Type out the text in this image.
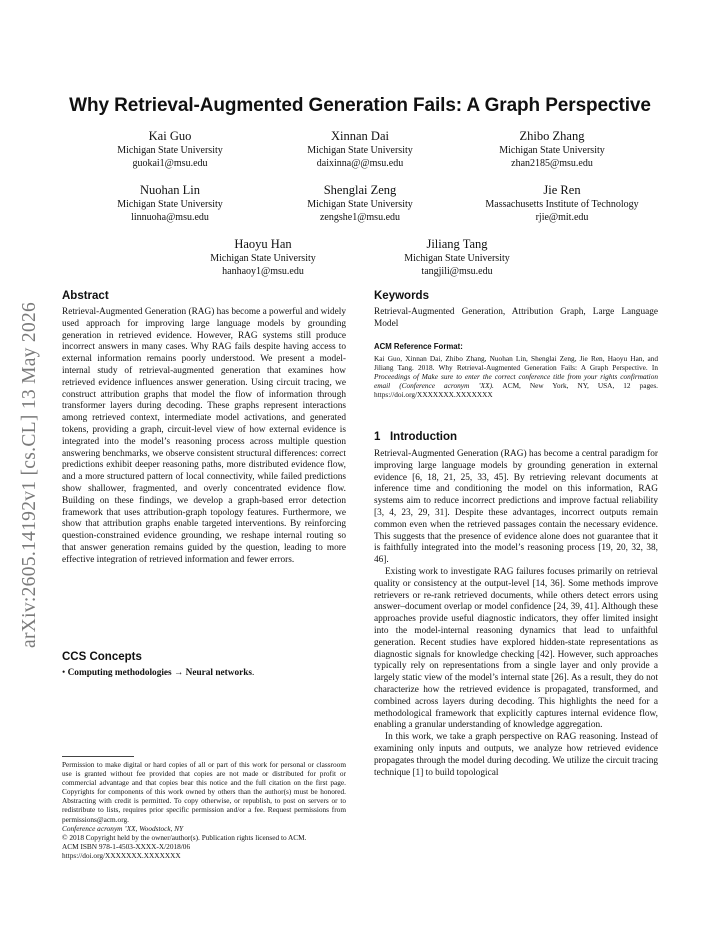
Why Retrieval-Augmented Generation Fails: A Graph Perspective
Kai Guo
Michigan State University
guokai1@msu.edu
Xinnan Dai
Michigan State University
daixinna@@msu.edu
Zhibo Zhang
Michigan State University
zhan2185@msu.edu
Nuohan Lin
Michigan State University
linnuoha@msu.edu
Shenglai Zeng
Michigan State University
zengshe1@msu.edu
Jie Ren
Massachusetts Institute of Technology
rjie@mit.edu
Haoyu Han
Michigan State University
hanhaoy1@msu.edu
Jiliang Tang
Michigan State University
tangjili@msu.edu
arXiv:2605.14192v1 [cs.CL] 13 May 2026
Abstract

Retrieval-Augmented Generation (RAG) has become a powerful and widely used approach for improving large language models by grounding generation in retrieved evidence. However, RAG systems still produce incorrect answers in many cases. Why RAG fails despite having access to external information remains poorly understood. We present a model-internal study of retrieval-augmented generation that examines how retrieved evidence influences answer generation. Using circuit tracing, we construct attribution graphs that model the flow of information through transformer layers during decoding. These graphs represent interactions among retrieved context, intermediate model activations, and generated tokens, providing a graph, circuit-level view of how external evidence is integrated into the model’s reasoning process across multiple question answering benchmarks, we observe consistent structural differences: correct predictions exhibit deeper reasoning paths, more distributed evidence flow, and a more structured pattern of local connectivity, while failed predictions show shallower, fragmented, and overly concentrated evidence flow. Building on these findings, we develop a graph-based error detection framework that uses attribution-graph topology features. Furthermore, we show that attribution graphs enable targeted interventions. By reinforcing question-constrained evidence grounding, we reshape internal routing so that answer generation remains guided by the question, leading to more effective integration of retrieved information and fewer errors.

CCS Concepts
• Computing methodologies → Neural networks.

Permission to make digital or hard copies of all or part of this work for personal or classroom use is granted without fee provided that copies are not made or distributed for profit or commercial advantage and that copies bear this notice and the full citation on the first page. Copyrights for components of this work owned by others than the author(s) must be honored. Abstracting with credit is permitted. To copy otherwise, or republish, to post on servers or to redistribute to lists, requires prior specific permission and/or a fee. Request permissions from permissions@acm.org.

Conference acronym ’XX, Woodstock, NY

© 2018 Copyright held by the owner/author(s). Publication rights licensed to ACM.

ACM ISBN 978-1-4503-XXXX-X/2018/06

https://doi.org/XXXXXXX.XXXXXXX

Keywords
Retrieval-Augmented Generation, Attribution Graph, Large Language Model
ACM Reference Format:

Kai Guo, Xinnan Dai, Zhibo Zhang, Nuohan Lin, Shenglai Zeng, Jie Ren, Haoyu Han, and Jiliang Tang. 2018. Why Retrieval-Augmented Generation Fails: A Graph Perspective. In Proceedings of Make sure to enter the correct conference title from your rights confirmation email (Conference acronym ’XX). ACM, New York, NY, USA, 12 pages. https://doi.org/XXXXXXX.XXXXXXX

1   Introduction

Retrieval-Augmented Generation (RAG) has become a central paradigm for improving large language models by grounding generation in external evidence [6, 18, 21, 25, 33, 45]. By retrieving relevant documents at inference time and conditioning the model on this information, RAG systems aim to reduce incorrect predictions and improve factual reliability [3, 4, 23, 29, 31]. Despite these advantages, incorrect outputs remain common even when the retrieved passages contain the necessary evidence. This suggests that the presence of evidence alone does not guarantee that it is faithfully integrated into the model’s reasoning process [19, 20, 32, 38, 46].

Existing work to investigate RAG failures focuses primarily on retrieval quality or consistency at the output-level [14, 36]. Some methods improve retrievers or re-rank retrieved documents, while others detect errors using answer–document overlap or model confidence [24, 39, 41]. Although these approaches provide useful diagnostic indicators, they offer limited insight into the model-internal reasoning dynamics that lead to unfaithful generation. Recent studies have explored hidden-state representations as diagnostic signals for knowledge checking [42]. However, such approaches typically rely on representations from a single layer and only provide a largely static view of the model’s internal state [26]. As a result, they do not characterize how the retrieved evidence is propagated, transformed, and combined across layers during decoding. This highlights the need for a methodological framework that explicitly captures internal evidence flow, enabling a granular understanding of knowledge aggregation.

In this work, we take a graph perspective on RAG reasoning. Instead of examining only inputs and outputs, we analyze how retrieved evidence propagates through the model during decoding. We utilize the circuit tracing technique [1] to build topological
